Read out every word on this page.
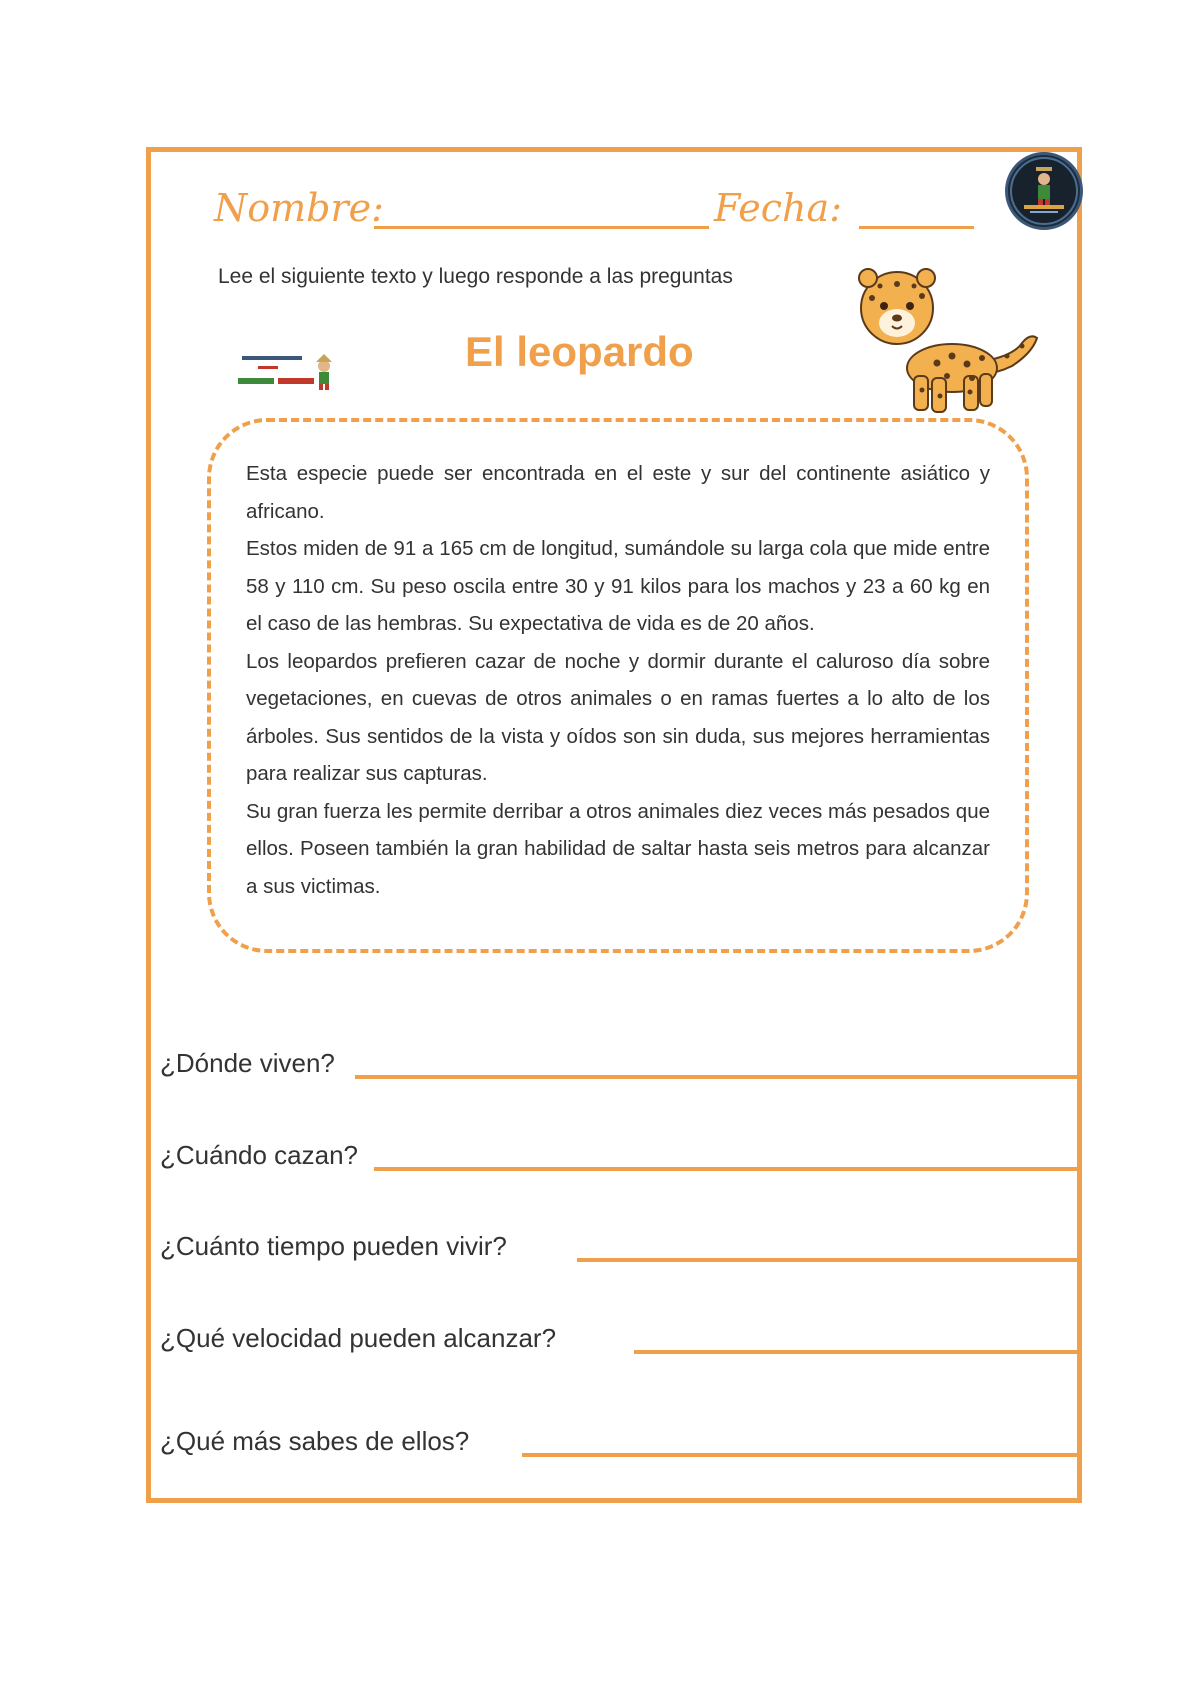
Nombre:	Fecha:
Lee el siguiente texto y luego responde a las preguntas
El leopardo

Esta especie puede ser encontrada en el este y sur del continente asiático y africano.

Estos miden de 91 a 165 cm de longitud, sumándole su larga cola que mide entre 58 y 110 cm. Su peso oscila entre 30 y 91 kilos para los machos y 23 a 60 kg en el caso de las hembras. Su expectativa de vida es de 20 años.

Los leopardos prefieren cazar de noche y dormir durante el caluroso día sobre vegetaciones, en cuevas de otros animales o en ramas fuertes a lo alto de los árboles. Sus sentidos de la vista y oídos son sin duda, sus mejores herramientas para realizar sus capturas.

Su gran fuerza les permite derribar a otros animales diez veces más pesados que ellos. Poseen también la gran habilidad de saltar hasta seis metros para alcanzar a sus victimas.

¿Dónde viven?
¿Cuándo cazan?
¿Cuánto tiempo pueden vivir?
¿Qué velocidad pueden alcanzar?
¿Qué más sabes de ellos?
